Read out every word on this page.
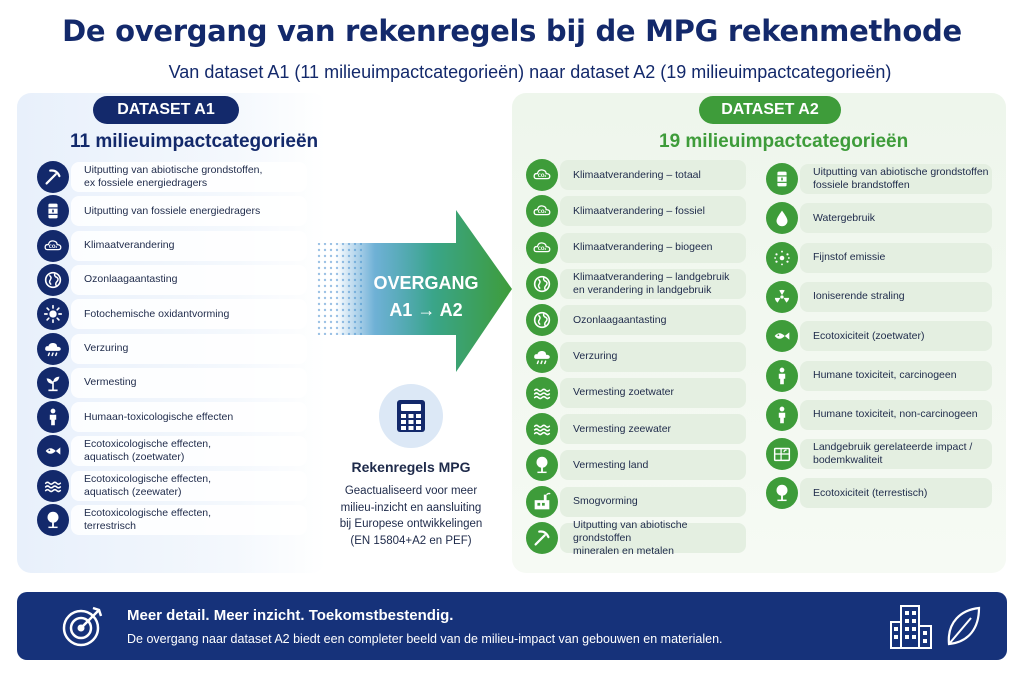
De overgang van rekenregels bij de MPG rekenmethode
Van dataset A1 (11 milieuimpactcategorieën) naar dataset A2 (19 milieuimpactcategorieën)
DATASET A1
11 milieuimpactcategorieën
Uitputting van abiotische grondstoffen,
ex fossiele energiedragers
Uitputting van fossiele energiedragers
CO₂	Klimaatverandering
Ozonlaagaantasting
Fotochemische oxidantvorming
Verzuring
Vermesting
Humaan-toxicologische effecten
Ecotoxicologische effecten,
aquatisch (zoetwater)
Ecotoxicologische effecten,
aquatisch (zeewater)
Ecotoxicologische effecten,
terrestrisch
OVERGANG
A1 → A2
Rekenregels MPG
Geactualiseerd voor meer
milieu-inzicht en aansluiting
bij Europese ontwikkelingen
(EN 15804+A2 en PEF)
DATASET A2
19 milieuimpactcategorieën
CO₂	Klimaatverandering – totaal
CO₂	Klimaatverandering – fossiel
CO₂	Klimaatverandering – biogeen
Klimaatverandering – landgebruik
en verandering in landgebruik
Ozonlaagaantasting
Verzuring
Vermesting zoetwater
Vermesting zeewater
Vermesting land
Smogvorming
Uitputting van abiotische grondstoffen
mineralen en metalen
Uitputting van abiotische grondstoffen
fossiele brandstoffen
Watergebruik
Fijnstof emissie
Ioniserende straling
Ecotoxiciteit (zoetwater)
Humane toxiciteit, carcinogeen
Humane toxiciteit, non-carcinogeen
Landgebruik gerelateerde impact /
bodemkwaliteit
Ecotoxiciteit (terrestisch)
Meer detail. Meer inzicht. Toekomstbestendig.
De overgang naar dataset A2 biedt een completer beeld van de milieu-impact van gebouwen en materialen.
